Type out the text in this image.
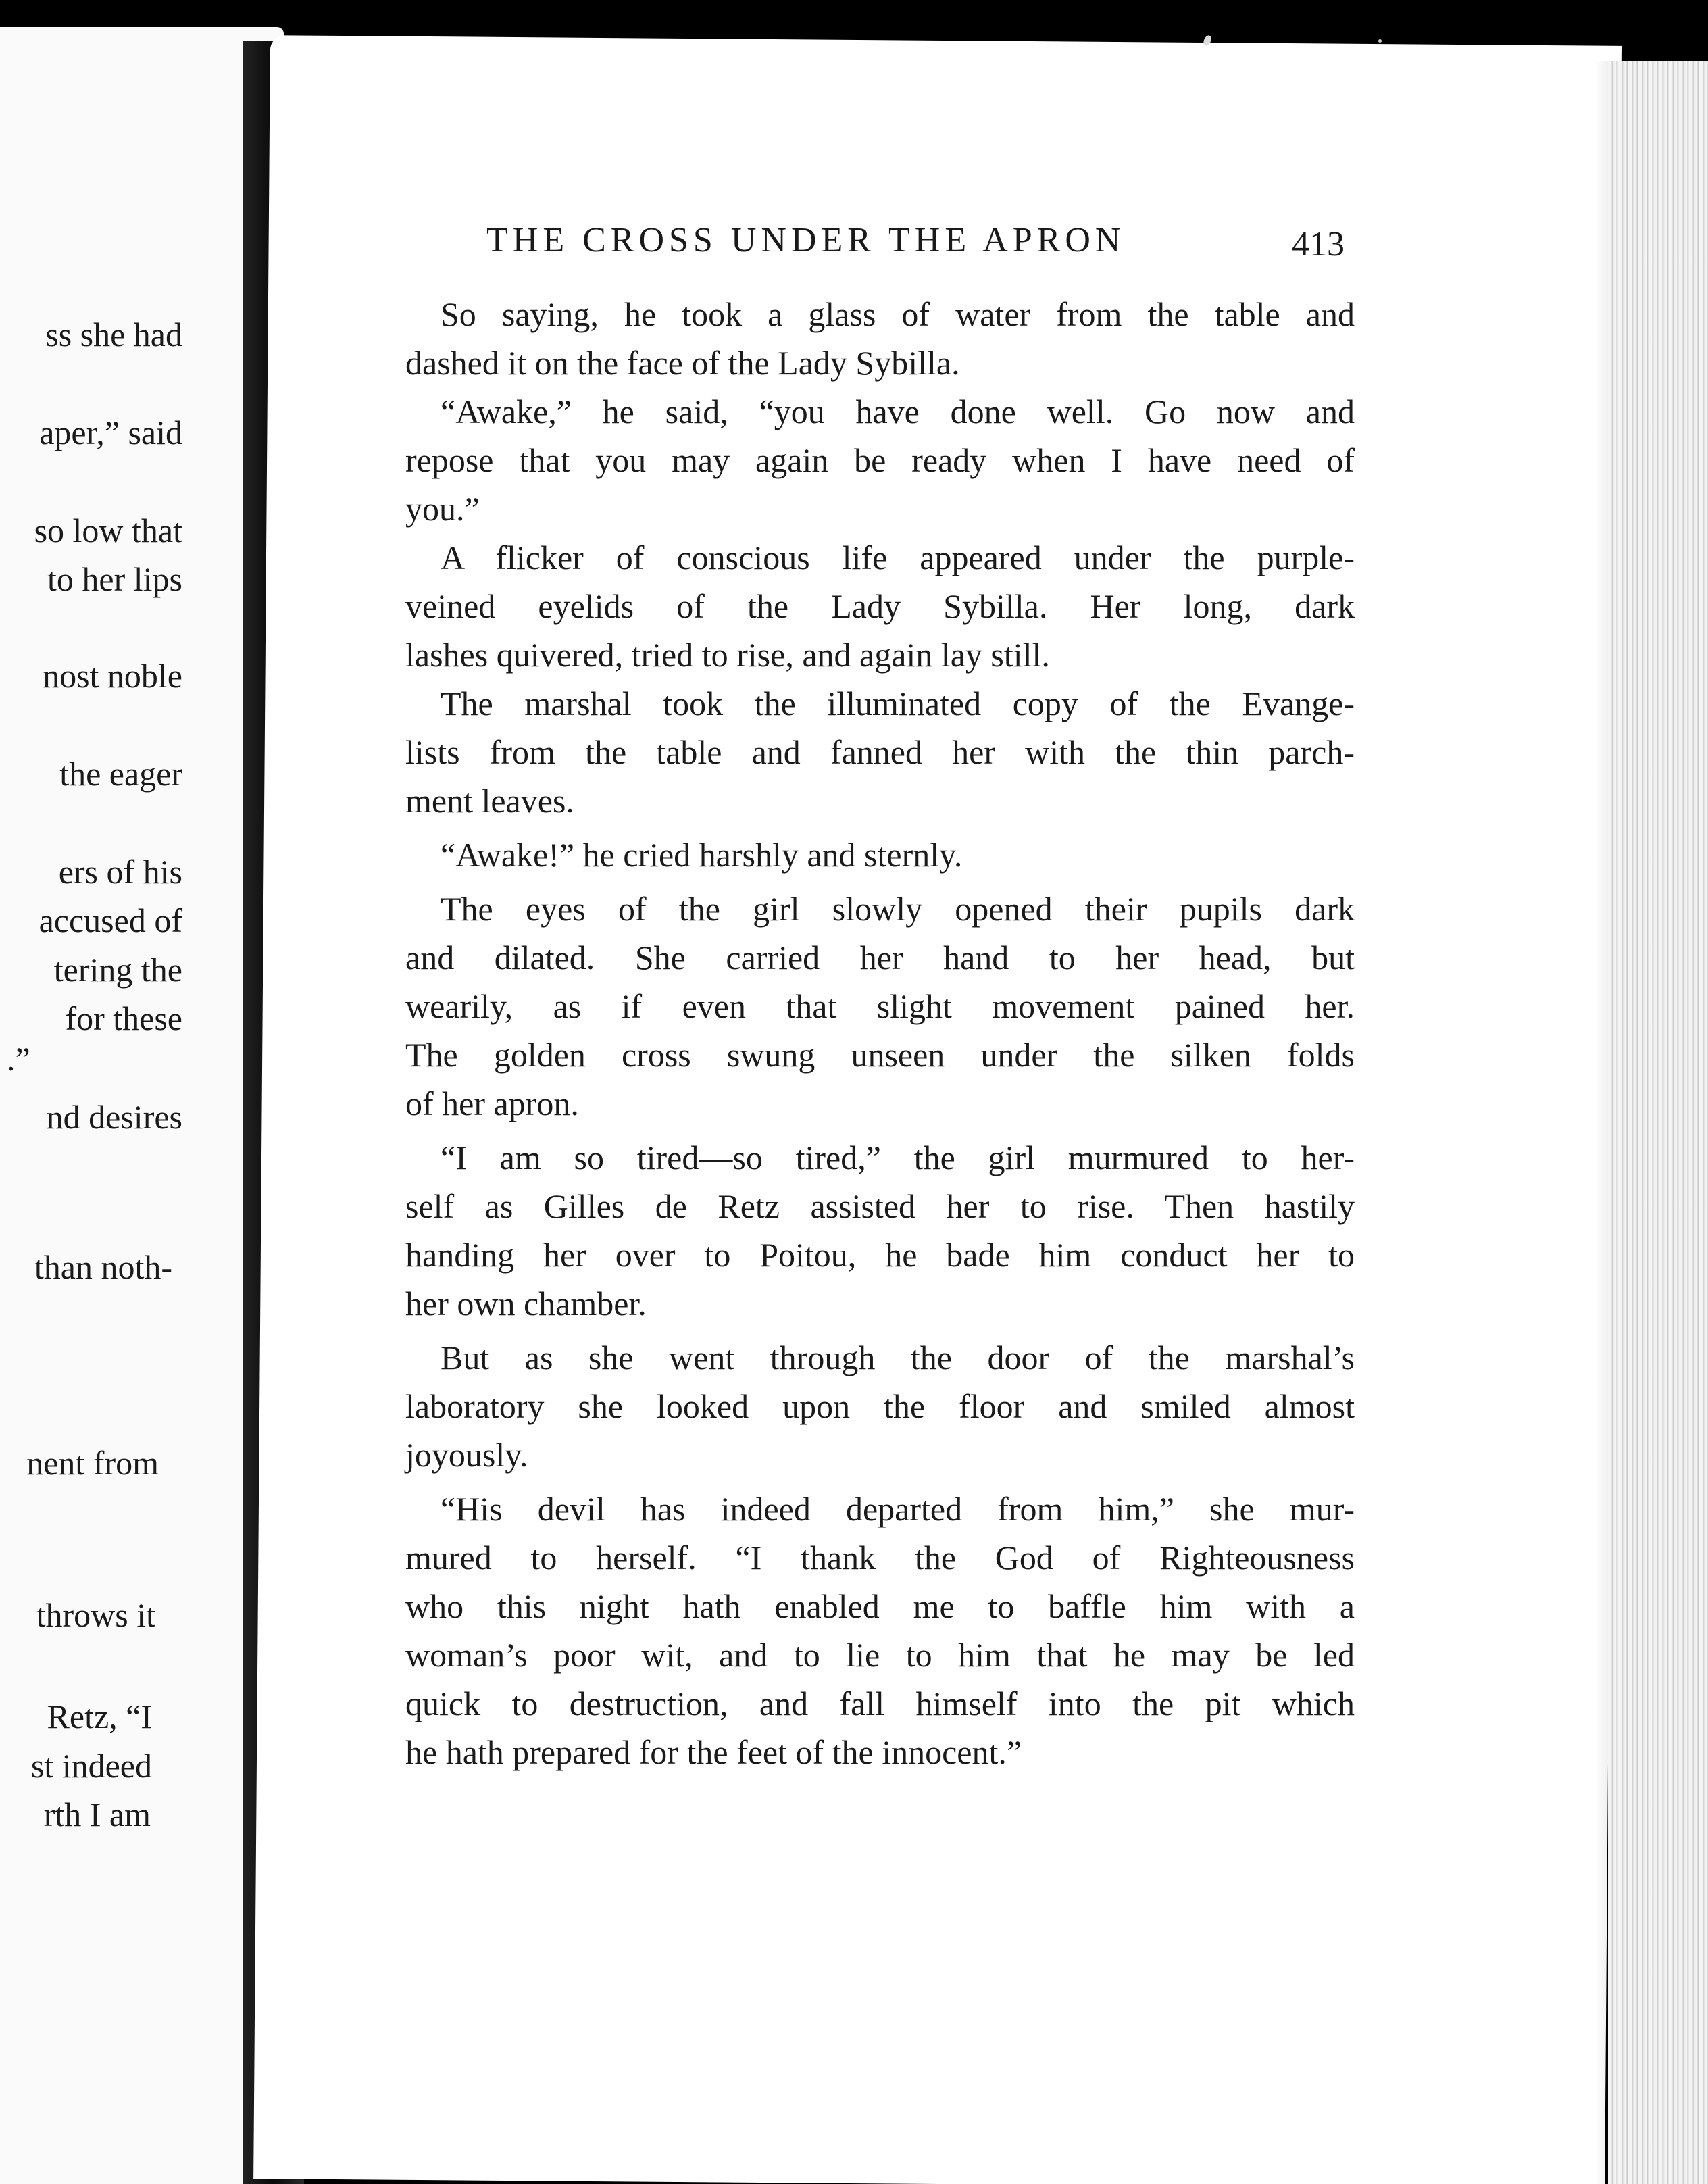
ss she had
aper,” said
so low that
to her lips
nost noble
the eager
ers of his
accused of
tering the
for these
.”
nd desires
than noth-
nent from
throws it
Retz, “I
st indeed
rth I am
THE CROSS UNDER THE APRON	413
So saying, he took a glass of water from the table and
dashed it on the face of the Lady Sybilla.
“Awake,” he said, “you have done well. Go now and
repose that you may again be ready when I have need of
you.”
A flicker of conscious life appeared under the purple-
veined eyelids of the Lady Sybilla. Her long, dark
lashes quivered, tried to rise, and again lay still.
The marshal took the illuminated copy of the Evange-
lists from the table and fanned her with the thin parch-
ment leaves.
“Awake!” he cried harshly and sternly.
The eyes of the girl slowly opened their pupils dark
and dilated. She carried her hand to her head, but
wearily, as if even that slight movement pained her.
The golden cross swung unseen under the silken folds
of her apron.
“I am so tired—so tired,” the girl murmured to her-
self as Gilles de Retz assisted her to rise. Then hastily
handing her over to Poitou, he bade him conduct her to
her own chamber.
But as she went through the door of the marshal’s
laboratory she looked upon the floor and smiled almost
joyously.
“His devil has indeed departed from him,” she mur-
mured to herself. “I thank the God of Righteousness
who this night hath enabled me to baffle him with a
woman’s poor wit, and to lie to him that he may be led
quick to destruction, and fall himself into the pit which
he hath prepared for the feet of the innocent.”
